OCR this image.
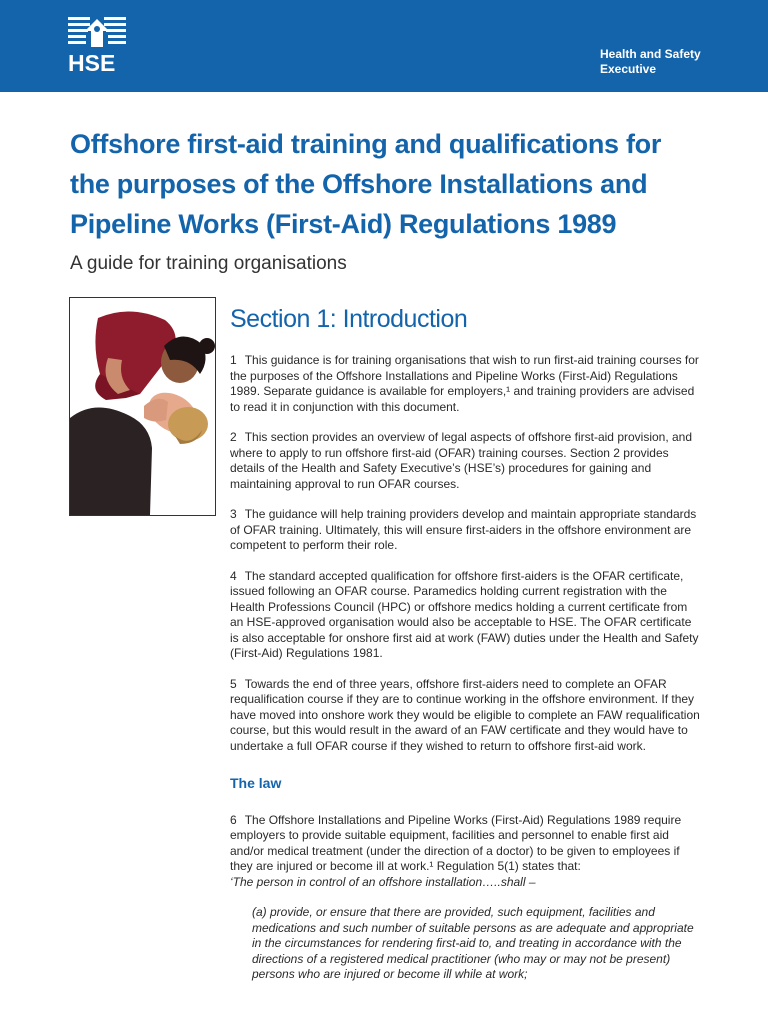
HSE	Health and Safety
Executive
Offshore first-aid training and qualifications for
the purposes of the Offshore Installations and
Pipeline Works (First-Aid) Regulations 1989

A guide for training organisations

Section 1: Introduction

1 This guidance is for training organisations that wish to run first-aid training courses for the purposes of the Offshore Installations and Pipeline Works (First-Aid) Regulations 1989. Separate guidance is available for employers,¹ and training providers are advised to read it in conjunction with this document.

2 This section provides an overview of legal aspects of offshore first-aid provision, and where to apply to run offshore first-aid (OFAR) training courses. Section 2 provides details of the Health and Safety Executive’s (HSE’s) procedures for gaining and maintaining approval to run OFAR courses.

3 The guidance will help training providers develop and maintain appropriate standards of OFAR training. Ultimately, this will ensure first-aiders in the offshore environment are competent to perform their role.

4 The standard accepted qualification for offshore first-aiders is the OFAR certificate, issued following an OFAR course. Paramedics holding current registration with the Health Professions Council (HPC) or offshore medics holding a current certificate from an HSE-approved organisation would also be acceptable to HSE. The OFAR certificate is also acceptable for onshore first aid at work (FAW) duties under the Health and Safety (First-Aid) Regulations 1981.

5 Towards the end of three years, offshore first-aiders need to complete an OFAR requalification course if they are to continue working in the offshore environment. If they have moved into onshore work they would be eligible to complete an FAW requalification course, but this would result in the award of an FAW certificate and they would have to undertake a full OFAR course if they wished to return to offshore first-aid work.

The law

6 The Offshore Installations and Pipeline Works (First-Aid) Regulations 1989 require employers to provide suitable equipment, facilities and personnel to enable first aid and/or medical treatment (under the direction of a doctor) to be given to employees if they are injured or become ill at work.¹ Regulation 5(1) states that:
‘The person in control of an offshore installation…..shall –

(a) provide, or ensure that there are provided, such equipment, facilities and medications and such number of suitable persons as are adequate and appropriate in the circumstances for rendering first-aid to, and treating in accordance with the directions of a registered medical practitioner (who may or may not be present) persons who are injured or become ill while at work;
